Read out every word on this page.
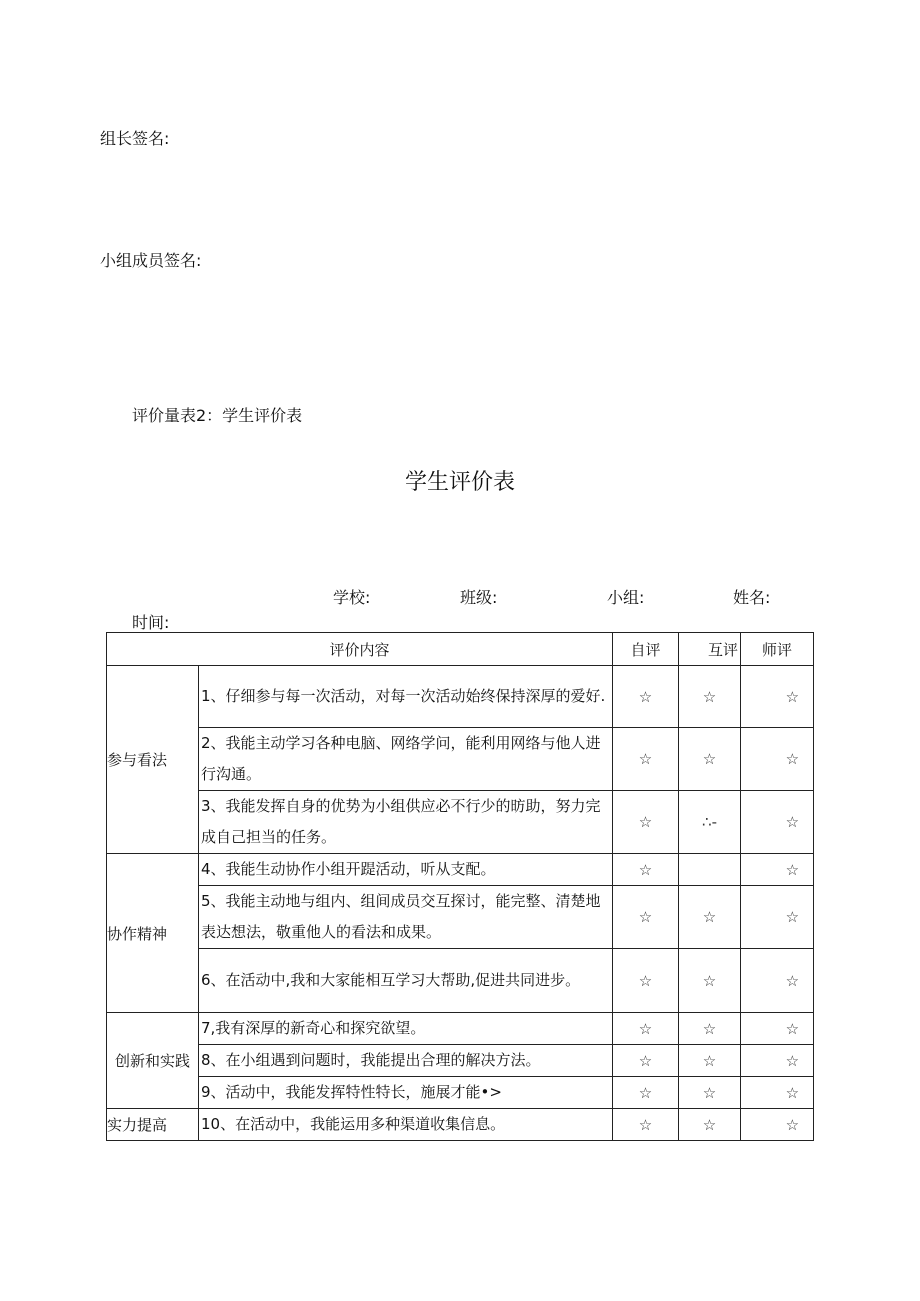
组长签名:
小组成员签名:
评价量表2：学生评价表
学生评价表
学校:	班级:	小组:	姓名:
时间:
评价内容		自评	互评	师评
参与看法	1、仔细参与每一次活动，对每一次活动始终保持深厚的爱好.	☆	☆	☆
	2、我能主动学习各种电脑、网络学问，能利用网络与他人进行沟通。	☆	☆	☆
	3、我能发挥自身的优势为小组供应必不行少的昉助，努力完成自己担当的任务。	☆	∴-	☆
协作精神	4、我能生动协作小组开踶活动，听从支配。	☆		☆
	5、我能主动地与组内、组间成员交互探讨，能完整、清楚地表达想法，敬重他人的看法和成果。	☆	☆	☆
	6、在活动中,我和大家能相互学习大帮助,促进共同进步。	☆	☆	☆
创新和实践	7,我有深厚的新奇心和探究欲望。	☆	☆	☆
	8、在小组遇到问题时，我能提出合理的解决方法。	☆	☆	☆
	9、活动中，我能发挥特性特长，施展才能•>	☆	☆	☆
实力提高	10、在活动中，我能运用多种渠道收集信息。	☆	☆	☆
